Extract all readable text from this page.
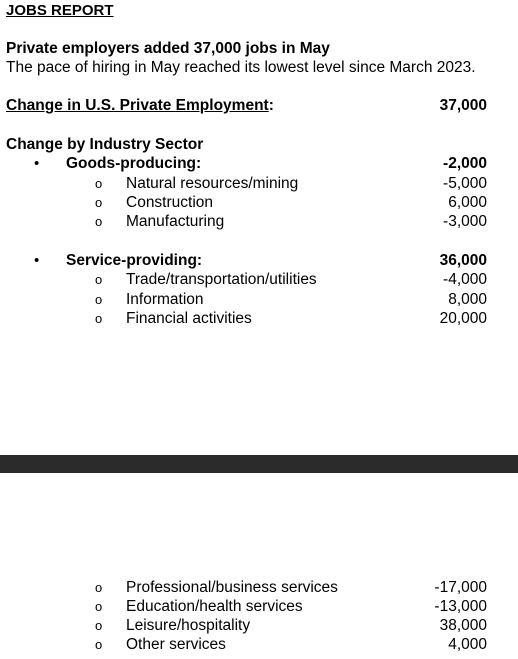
JOBS REPORT
Private employers added 37,000 jobs in May
The pace of hiring in May reached its lowest level since March 2023.
Change in U.S. Private Employment:	37,000
Change by Industry Sector
• Goods-producing:	-2,000
o Natural resources/mining	-5,000
o Construction	6,000
o Manufacturing	-3,000
• Service-providing:	36,000
o Trade/transportation/utilities	-4,000
o Information	8,000
o Financial activities	20,000
o Professional/business services	-17,000
o Education/health services	-13,000
o Leisure/hospitality	38,000
o Other services	4,000
